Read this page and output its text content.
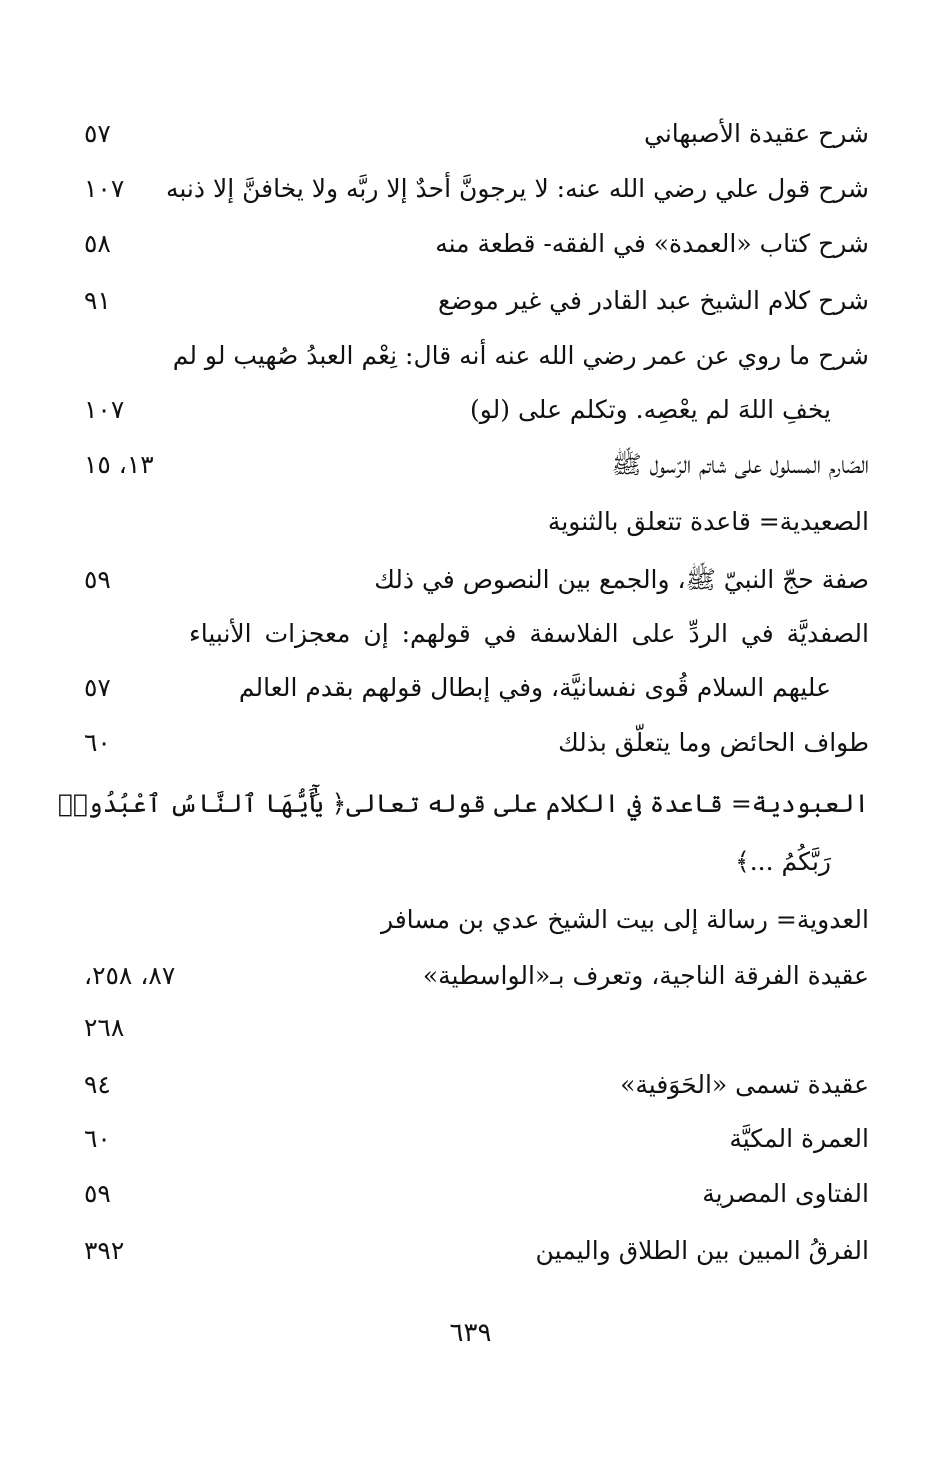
شرح عقيدة الأصبهاني
٥٧
شرح قول علي رضي الله عنه: لا يرجونَّ أحدٌ إلا ربَّه ولا يخافنَّ إلا ذنبه
١٠٧
شرح كتاب «العمدة» في الفقه- قطعة منه
٥٨
شرح كلام الشيخ عبد القادر في غير موضع
٩١
شرح ما روي عن عمر رضي الله عنه أنه قال: نِعْم العبدُ صُهيب لو لم
يخفِ اللهَ لم يعْصِه. وتكلم على (لو)
١٠٧
الصّارم المسلول على شاتم الرّسول ﷺ
١٣، ١٥
الصعيدية= قاعدة تتعلق بالثنوية
صفة حجّ النبيّ ﷺ، والجمع بين النصوص في ذلك
٥٩
الصفديَّة في الردِّ على الفلاسفة في قولهم: إن معجزات الأنبياء
عليهم السلام قُوى نفسانيَّة، وفي إبطال قولهم بقدم العالم
٥٧
طواف الحائض وما يتعلّق بذلك
٦٠
العبودية= قاعدة في الكلام على قوله تعالى﴿ يَٰٓأَيُّهَا ٱلنَّاسُ ٱعْبُدُوا۟
رَبَّكُمُ ...﴾
العدوية= رسالة إلى بيت الشيخ عدي بن مسافر
عقيدة الفرقة الناجية، وتعرف بـ«الواسطية»
٨٧، ٢٥٨،
٢٦٨
عقيدة تسمى «الحَوَفية»
٩٤
العمرة المكيَّة
٦٠
الفتاوى المصرية
٥٩
الفرقُ المبين بين الطلاق واليمين
٣٩٢
٦٣٩
